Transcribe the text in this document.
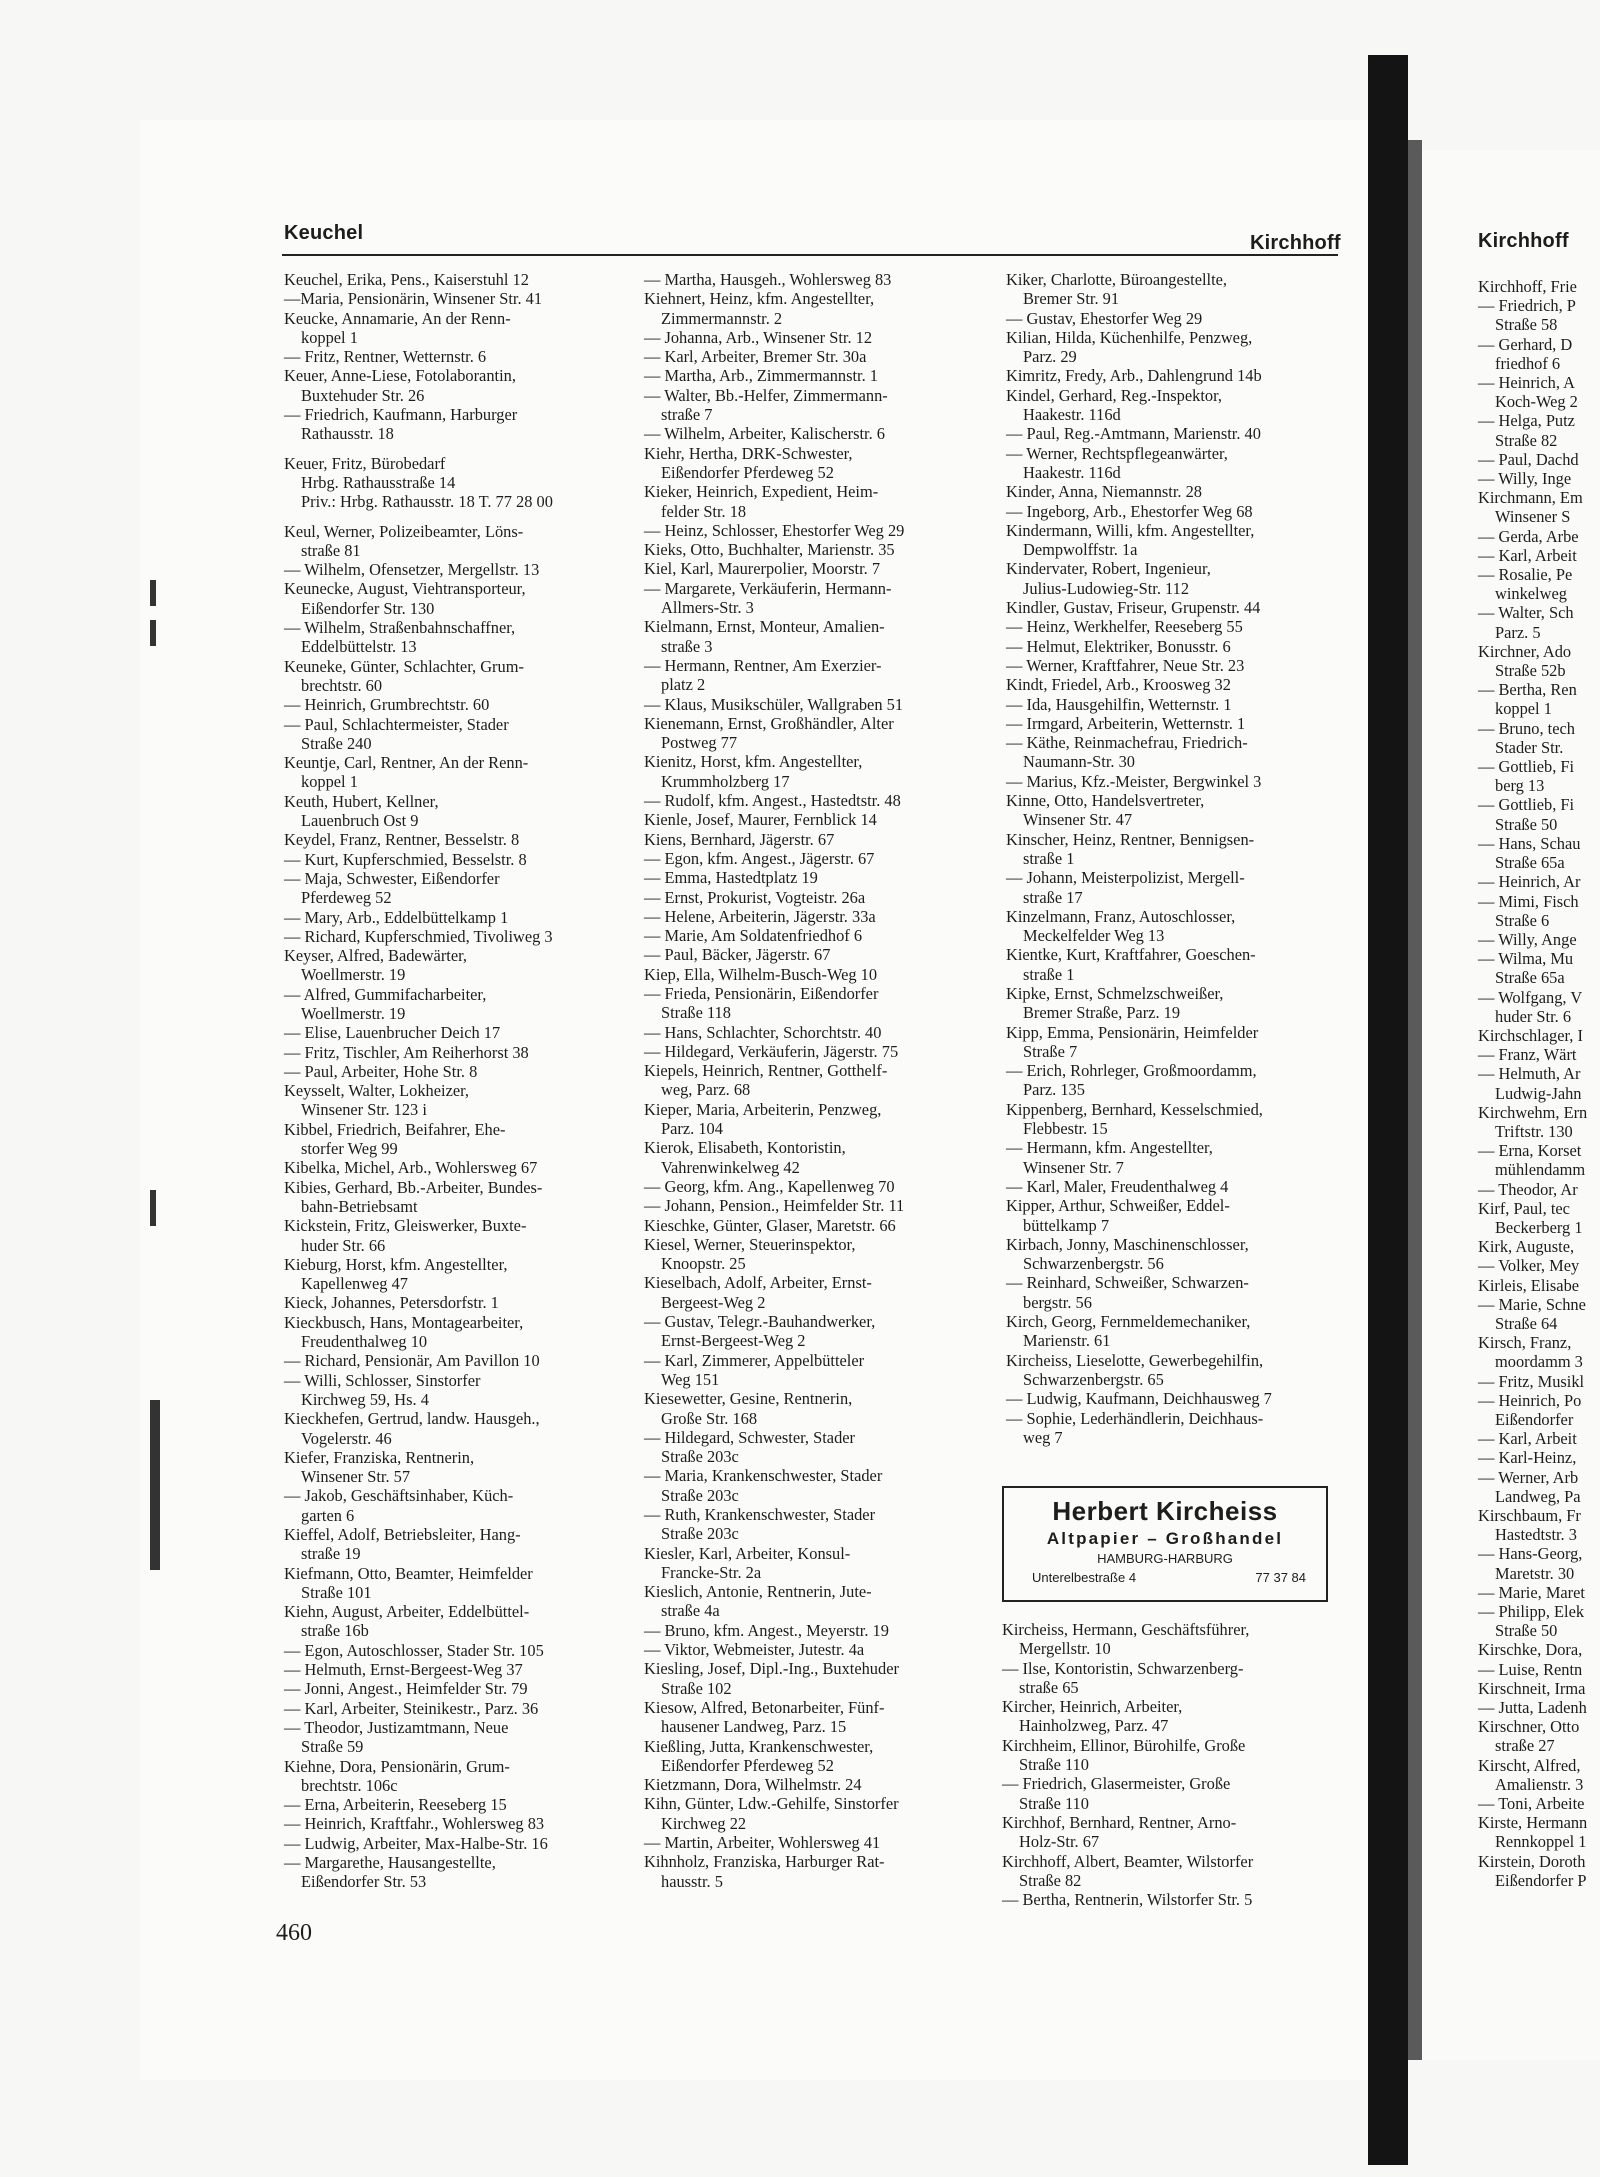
Keuchel	Kirchhoff	Kirchhoff
Keuchel, Erika, Pens., Kaiserstuhl 12
—Maria, Pensionärin, Winsener Str. 41
Keucke, Annamarie, An der Renn-
koppel 1
— Fritz, Rentner, Wetternstr. 6
Keuer, Anne-Liese, Fotolaborantin,
Buxtehuder Str. 26
— Friedrich, Kaufmann, Harburger
Rathausstr. 18
Keuer, Fritz, Bürobedarf
Hrbg. Rathausstraße 14
Priv.: Hrbg. Rathausstr. 18 T. 77 28 00
Keul, Werner, Polizeibeamter, Löns-
straße 81
— Wilhelm, Ofensetzer, Mergellstr. 13
Keunecke, August, Viehtransporteur,
Eißendorfer Str. 130
— Wilhelm, Straßenbahnschaffner,
Eddelbüttelstr. 13
Keuneke, Günter, Schlachter, Grum-
brechtstr. 60
— Heinrich, Grumbrechtstr. 60
— Paul, Schlachtermeister, Stader
Straße 240
Keuntje, Carl, Rentner, An der Renn-
koppel 1
Keuth, Hubert, Kellner,
Lauenbruch Ost 9
Keydel, Franz, Rentner, Besselstr. 8
— Kurt, Kupferschmied, Besselstr. 8
— Maja, Schwester, Eißendorfer
Pferdeweg 52
— Mary, Arb., Eddelbüttelkamp 1
— Richard, Kupferschmied, Tivoliweg 3
Keyser, Alfred, Badewärter,
Woellmerstr. 19
— Alfred, Gummifacharbeiter,
Woellmerstr. 19
— Elise, Lauenbrucher Deich 17
— Fritz, Tischler, Am Reiherhorst 38
— Paul, Arbeiter, Hohe Str. 8
Keysselt, Walter, Lokheizer,
Winsener Str. 123 i
Kibbel, Friedrich, Beifahrer, Ehe-
storfer Weg 99
Kibelka, Michel, Arb., Wohlersweg 67
Kibies, Gerhard, Bb.-Arbeiter, Bundes-
bahn-Betriebsamt
Kickstein, Fritz, Gleiswerker, Buxte-
huder Str. 66
Kieburg, Horst, kfm. Angestellter,
Kapellenweg 47
Kieck, Johannes, Petersdorfstr. 1
Kieckbusch, Hans, Montagearbeiter,
Freudenthalweg 10
— Richard, Pensionär, Am Pavillon 10
— Willi, Schlosser, Sinstorfer
Kirchweg 59, Hs. 4
Kieckhefen, Gertrud, landw. Hausgeh.,
Vogelerstr. 46
Kiefer, Franziska, Rentnerin,
Winsener Str. 57
— Jakob, Geschäftsinhaber, Küch-
garten 6
Kieffel, Adolf, Betriebsleiter, Hang-
straße 19
Kiefmann, Otto, Beamter, Heimfelder
Straße 101
Kiehn, August, Arbeiter, Eddelbüttel-
straße 16b
— Egon, Autoschlosser, Stader Str. 105
— Helmuth, Ernst-Bergeest-Weg 37
— Jonni, Angest., Heimfelder Str. 79
— Karl, Arbeiter, Steinikestr., Parz. 36
— Theodor, Justizamtmann, Neue
Straße 59
Kiehne, Dora, Pensionärin, Grum-
brechtstr. 106c
— Erna, Arbeiterin, Reeseberg 15
— Heinrich, Kraftfahr., Wohlersweg 83
— Ludwig, Arbeiter, Max-Halbe-Str. 16
— Margarethe, Hausangestellte,
Eißendorfer Str. 53
— Martha, Hausgeh., Wohlersweg 83
Kiehnert, Heinz, kfm. Angestellter,
Zimmermannstr. 2
— Johanna, Arb., Winsener Str. 12
— Karl, Arbeiter, Bremer Str. 30a
— Martha, Arb., Zimmermannstr. 1
— Walter, Bb.-Helfer, Zimmermann-
straße 7
— Wilhelm, Arbeiter, Kalischerstr. 6
Kiehr, Hertha, DRK-Schwester,
Eißendorfer Pferdeweg 52
Kieker, Heinrich, Expedient, Heim-
felder Str. 18
— Heinz, Schlosser, Ehestorfer Weg 29
Kieks, Otto, Buchhalter, Marienstr. 35
Kiel, Karl, Maurerpolier, Moorstr. 7
— Margarete, Verkäuferin, Hermann-
Allmers-Str. 3
Kielmann, Ernst, Monteur, Amalien-
straße 3
— Hermann, Rentner, Am Exerzier-
platz 2
— Klaus, Musikschüler, Wallgraben 51
Kienemann, Ernst, Großhändler, Alter
Postweg 77
Kienitz, Horst, kfm. Angestellter,
Krummholzberg 17
— Rudolf, kfm. Angest., Hastedtstr. 48
Kienle, Josef, Maurer, Fernblick 14
Kiens, Bernhard, Jägerstr. 67
— Egon, kfm. Angest., Jägerstr. 67
— Emma, Hastedtplatz 19
— Ernst, Prokurist, Vogteistr. 26a
— Helene, Arbeiterin, Jägerstr. 33a
— Marie, Am Soldatenfriedhof 6
— Paul, Bäcker, Jägerstr. 67
Kiep, Ella, Wilhelm-Busch-Weg 10
— Frieda, Pensionärin, Eißendorfer
Straße 118
— Hans, Schlachter, Schorchtstr. 40
— Hildegard, Verkäuferin, Jägerstr. 75
Kiepels, Heinrich, Rentner, Gotthelf-
weg, Parz. 68
Kieper, Maria, Arbeiterin, Penzweg,
Parz. 104
Kierok, Elisabeth, Kontoristin,
Vahrenwinkelweg 42
— Georg, kfm. Ang., Kapellenweg 70
— Johann, Pension., Heimfelder Str. 11
Kieschke, Günter, Glaser, Maretstr. 66
Kiesel, Werner, Steuerinspektor,
Knoopstr. 25
Kieselbach, Adolf, Arbeiter, Ernst-
Bergeest-Weg 2
— Gustav, Telegr.-Bauhandwerker,
Ernst-Bergeest-Weg 2
— Karl, Zimmerer, Appelbütteler
Weg 151
Kiesewetter, Gesine, Rentnerin,
Große Str. 168
— Hildegard, Schwester, Stader
Straße 203c
— Maria, Krankenschwester, Stader
Straße 203c
— Ruth, Krankenschwester, Stader
Straße 203c
Kiesler, Karl, Arbeiter, Konsul-
Francke-Str. 2a
Kieslich, Antonie, Rentnerin, Jute-
straße 4a
— Bruno, kfm. Angest., Meyerstr. 19
— Viktor, Webmeister, Jutestr. 4a
Kiesling, Josef, Dipl.-Ing., Buxtehuder
Straße 102
Kiesow, Alfred, Betonarbeiter, Fünf-
hausener Landweg, Parz. 15
Kießling, Jutta, Krankenschwester,
Eißendorfer Pferdeweg 52
Kietzmann, Dora, Wilhelmstr. 24
Kihn, Günter, Ldw.-Gehilfe, Sinstorfer
Kirchweg 22
— Martin, Arbeiter, Wohlersweg 41
Kihnholz, Franziska, Harburger Rat-
hausstr. 5
Kiker, Charlotte, Büroangestellte,
Bremer Str. 91
— Gustav, Ehestorfer Weg 29
Kilian, Hilda, Küchenhilfe, Penzweg,
Parz. 29
Kimritz, Fredy, Arb., Dahlengrund 14b
Kindel, Gerhard, Reg.-Inspektor,
Haakestr. 116d
— Paul, Reg.-Amtmann, Marienstr. 40
— Werner, Rechtspflegeanwärter,
Haakestr. 116d
Kinder, Anna, Niemannstr. 28
— Ingeborg, Arb., Ehestorfer Weg 68
Kindermann, Willi, kfm. Angestellter,
Dempwolffstr. 1a
Kindervater, Robert, Ingenieur,
Julius-Ludowieg-Str. 112
Kindler, Gustav, Friseur, Grupenstr. 44
— Heinz, Werkhelfer, Reeseberg 55
— Helmut, Elektriker, Bonusstr. 6
— Werner, Kraftfahrer, Neue Str. 23
Kindt, Friedel, Arb., Kroosweg 32
— Ida, Hausgehilfin, Wetternstr. 1
— Irmgard, Arbeiterin, Wetternstr. 1
— Käthe, Reinmachefrau, Friedrich-
Naumann-Str. 30
— Marius, Kfz.-Meister, Bergwinkel 3
Kinne, Otto, Handelsvertreter,
Winsener Str. 47
Kinscher, Heinz, Rentner, Bennigsen-
straße 1
— Johann, Meisterpolizist, Mergell-
straße 17
Kinzelmann, Franz, Autoschlosser,
Meckelfelder Weg 13
Kientke, Kurt, Kraftfahrer, Goeschen-
straße 1
Kipke, Ernst, Schmelzschweißer,
Bremer Straße, Parz. 19
Kipp, Emma, Pensionärin, Heimfelder
Straße 7
— Erich, Rohrleger, Großmoordamm,
Parz. 135
Kippenberg, Bernhard, Kesselschmied,
Flebbestr. 15
— Hermann, kfm. Angestellter,
Winsener Str. 7
— Karl, Maler, Freudenthalweg 4
Kipper, Arthur, Schweißer, Eddel-
büttelkamp 7
Kirbach, Jonny, Maschinenschlosser,
Schwarzenbergstr. 56
— Reinhard, Schweißer, Schwarzen-
bergstr. 56
Kirch, Georg, Fernmeldemechaniker,
Marienstr. 61
Kircheiss, Lieselotte, Gewerbegehilfin,
Schwarzenbergstr. 65
— Ludwig, Kaufmann, Deichhausweg 7
— Sophie, Lederhändlerin, Deichhaus-
weg 7
Kircheiss, Hermann, Geschäftsführer,
Mergellstr. 10
— Ilse, Kontoristin, Schwarzenberg-
straße 65
Kircher, Heinrich, Arbeiter,
Hainholzweg, Parz. 47
Kirchheim, Ellinor, Bürohilfe, Große
Straße 110
— Friedrich, Glasermeister, Große
Straße 110
Kirchhof, Bernhard, Rentner, Arno-
Holz-Str. 67
Kirchhoff, Albert, Beamter, Wilstorfer
Straße 82
— Bertha, Rentnerin, Wilstorfer Str. 5
Herbert Kircheiss
Altpapier – Großhandel
HAMBURG-HARBURG
Unterelbestraße 4	77 37 84
Kirchhoff, Frie
— Friedrich, P
Straße 58
— Gerhard, D
friedhof 6
— Heinrich, A
Koch-Weg 2
— Helga, Putz
Straße 82
— Paul, Dachd
— Willy, Inge
Kirchmann, Em
Winsener S
— Gerda, Arbe
— Karl, Arbeit
— Rosalie, Pe
winkelweg
— Walter, Sch
Parz. 5
Kirchner, Ado
Straße 52b
— Bertha, Ren
koppel 1
— Bruno, tech
Stader Str.
— Gottlieb, Fi
berg 13
— Gottlieb, Fi
Straße 50
— Hans, Schau
Straße 65a
— Heinrich, Ar
— Mimi, Fisch
Straße 6
— Willy, Ange
— Wilma, Mu
Straße 65a
— Wolfgang, V
huder Str. 6
Kirchschlager, I
— Franz, Wärt
— Helmuth, Ar
Ludwig-Jahn
Kirchwehm, Ern
Triftstr. 130
— Erna, Korset
mühlendamm
— Theodor, Ar
Kirf, Paul, tec
Beckerberg 1
Kirk, Auguste,
— Volker, Mey
Kirleis, Elisabe
— Marie, Schne
Straße 64
Kirsch, Franz,
moordamm 3
— Fritz, Musikl
— Heinrich, Po
Eißendorfer
— Karl, Arbeit
— Karl-Heinz,
— Werner, Arb
Landweg, Pa
Kirschbaum, Fr
Hastedtstr. 3
— Hans-Georg,
Maretstr. 30
— Marie, Maret
— Philipp, Elek
Straße 50
Kirschke, Dora,
— Luise, Rentn
Kirschneit, Irma
— Jutta, Ladenh
Kirschner, Otto
straße 27
Kirscht, Alfred,
Amalienstr. 3
— Toni, Arbeite
Kirste, Hermann
Rennkoppel 1
Kirstein, Doroth
Eißendorfer P
460
